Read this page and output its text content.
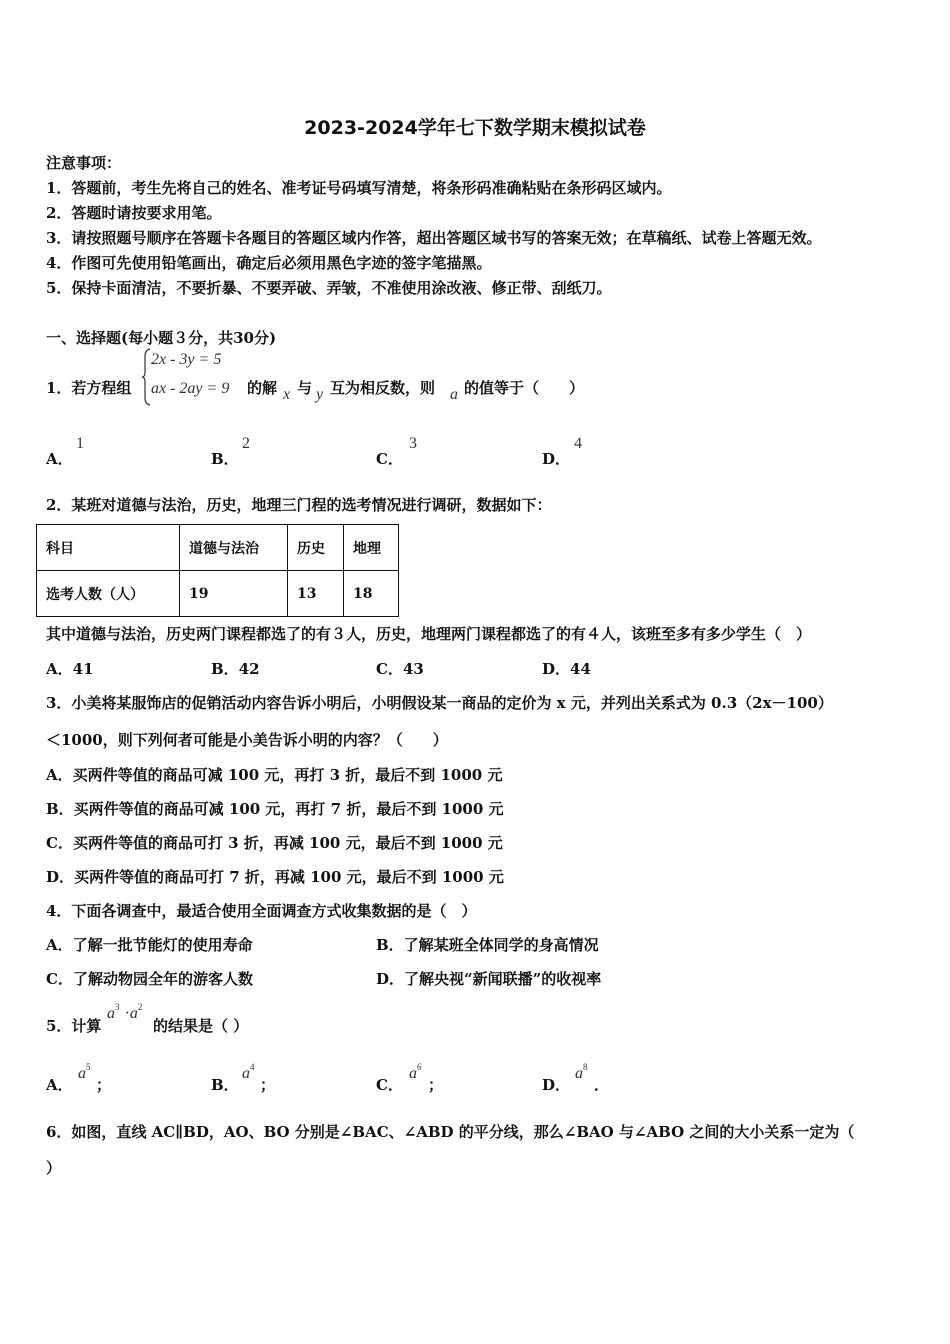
2023-2024学年七下数学期末模拟试卷
注意事项：
1．答题前，考生先将自己的姓名、准考证号码填写清楚，将条形码准确粘贴在条形码区域内。
2．答题时请按要求用笔。
3．请按照题号顺序在答题卡各题目的答题区域内作答，超出答题区域书写的答案无效；在草稿纸、试卷上答题无效。
4．作图可先使用铅笔画出，确定后必须用黑色字迹的签字笔描黑。
5．保持卡面清洁，不要折暴、不要弄破、弄皱，不准使用涂改液、修正带、刮纸刀。
一、选择题(每小题３分，共30分)
1．若方程组
2x - 3y = 5
ax - 2ay = 9 的解 x 与 y 互为相反数，则 a 的值等于（　　）
A．
1
B．
2
C．
3
D．
4
2．某班对道德与法治，历史，地理三门程的选考情况进行调研，数据如下：
科目	道德与法治	历史	地理
选考人数（人）	19	13	18
其中道德与法治，历史两门课程都选了的有３人，历史，地理两门课程都选了的有４人，该班至多有多少学生（　）
A．41	B．42	C．43	D．44
3．小美将某服饰店的促销活动内容告诉小明后，小明假设某一商品的定价为 x 元，并列出关系式为 0.3（2x－100）
＜1000，则下列何者可能是小美告诉小明的内容？（　　）
A．买两件等值的商品可减 100 元，再打 3 折，最后不到 1000 元
B．买两件等值的商品可减 100 元，再打 7 折，最后不到 1000 元
C．买两件等值的商品可打 3 折，再减 100 元，最后不到 1000 元
D．买两件等值的商品可打 7 折，再减 100 元，最后不到 1000 元
4．下面各调查中，最适合使用全面调查方式收集数据的是（　）
A．了解一批节能灯的使用寿命	B．了解某班全体同学的身高情况
C．了解动物园全年的游客人数	D．了解央视“新闻联播”的收视率
5．计算
$a^3 \cdot a^2$
的结果是（ ）
A．
$a^5$
；	B．
$a^4$
；	C．
$a^6$
；	D．
$a^8$
．
6．如图，直线 AC∥BD，AO、BO 分别是∠BAC、∠ABD 的平分线，那么∠BAO 与∠ABO 之间的大小关系一定为（
）
